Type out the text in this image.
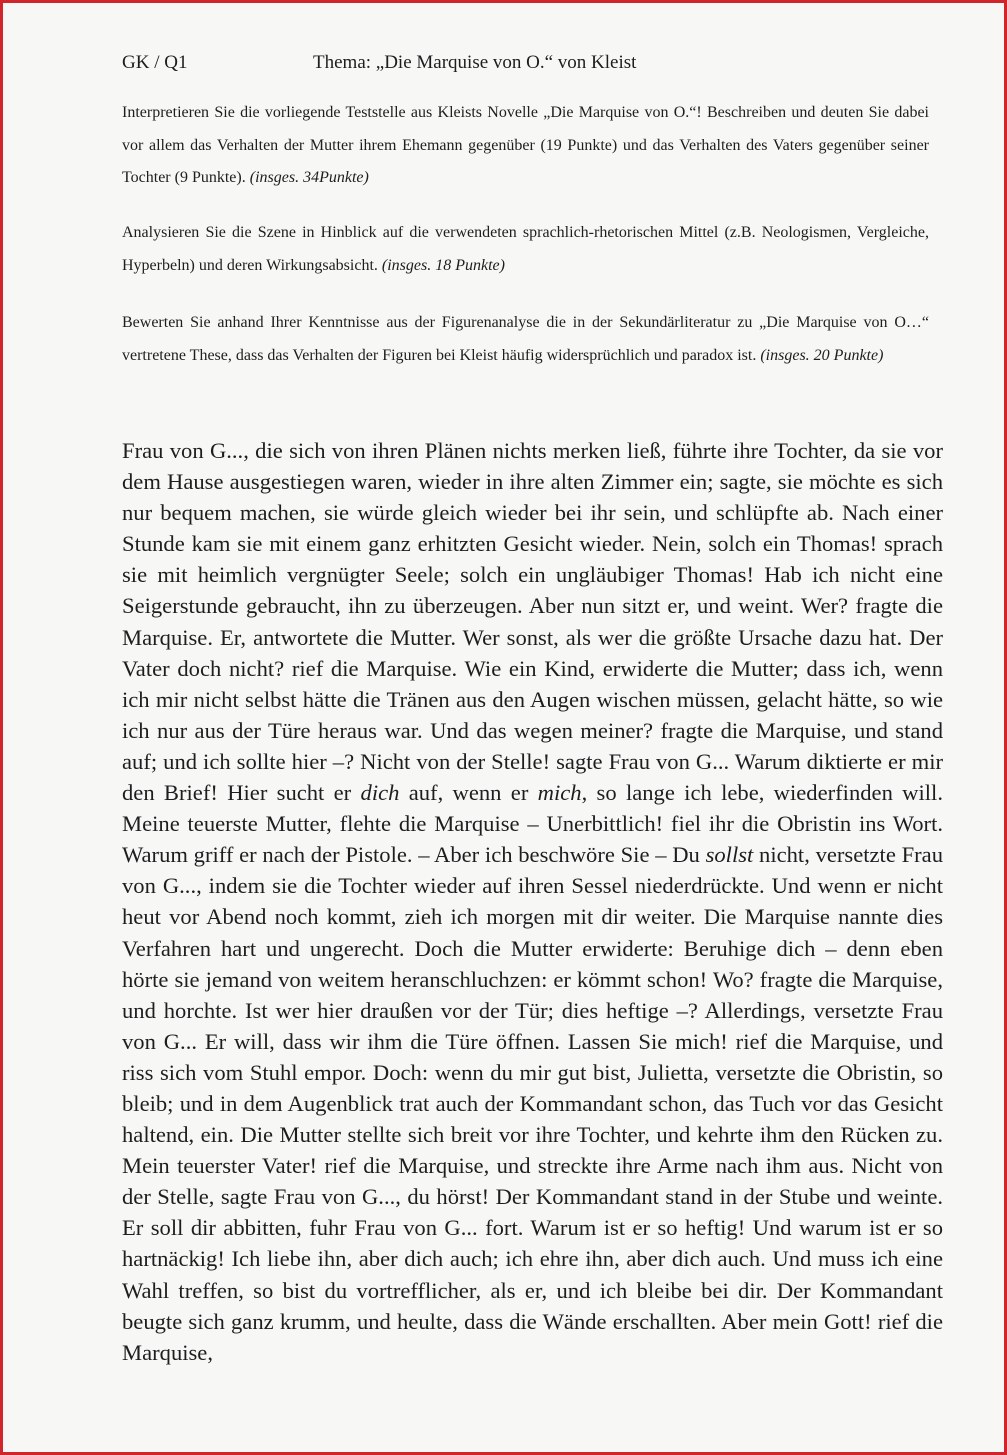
GK / Q1	Thema: „Die Marquise von O.“ von Kleist

Interpretieren Sie die vorliegende Teststelle aus Kleists Novelle „Die Marquise von O.“! Beschreiben und deuten Sie dabei vor allem das Verhalten der Mutter ihrem Ehemann gegenüber (19 Punkte) und das Verhalten des Vaters gegenüber seiner Tochter (9 Punkte). (insges. 34Punkte)

Analysieren Sie die Szene in Hinblick auf die verwendeten sprachlich-rhetorischen Mittel (z.B. Neologismen, Vergleiche, Hyperbeln) und deren Wirkungsabsicht. (insges. 18 Punkte)

Bewerten Sie anhand Ihrer Kenntnisse aus der Figurenanalyse die in der Sekundärliteratur zu „Die Marquise von O…“ vertretene These, dass das Verhalten der Figuren bei Kleist häufig widersprüchlich und paradox ist. (insges. 20 Punkte)

Frau von G..., die sich von ihren Plänen nichts merken ließ, führte ihre Tochter, da sie vor dem Hause ausgestiegen waren, wieder in ihre alten Zimmer ein; sagte, sie möchte es sich nur bequem machen, sie würde gleich wieder bei ihr sein, und schlüpfte ab. Nach einer Stunde kam sie mit einem ganz erhitzten Gesicht wieder. Nein, solch ein Thomas! sprach sie mit heimlich vergnügter Seele; solch ein ungläubiger Thomas! Hab ich nicht eine Seigerstunde gebraucht, ihn zu überzeugen. Aber nun sitzt er, und weint. Wer? fragte die Marquise. Er, antwortete die Mutter. Wer sonst, als wer die größte Ursache dazu hat. Der Vater doch nicht? rief die Marquise. Wie ein Kind, erwiderte die Mutter; dass ich, wenn ich mir nicht selbst hätte die Tränen aus den Augen wischen müssen, gelacht hätte, so wie ich nur aus der Türe heraus war. Und das wegen meiner? fragte die Marquise, und stand auf; und ich sollte hier –? Nicht von der Stelle! sagte Frau von G... Warum diktierte er mir den Brief! Hier sucht er dich auf, wenn er mich, so lange ich lebe, wiederfinden will. Meine teuerste Mutter, flehte die Marquise – Unerbittlich! fiel ihr die Obristin ins Wort. Warum griff er nach der Pistole. – Aber ich beschwöre Sie – Du sollst nicht, versetzte Frau von G..., indem sie die Tochter wieder auf ihren Sessel niederdrückte. Und wenn er nicht heut vor Abend noch kommt, zieh ich morgen mit dir weiter. Die Marquise nannte dies Verfahren hart und ungerecht. Doch die Mutter erwiderte: Beruhige dich – denn eben hörte sie jemand von weitem heranschluchzen: er kömmt schon! Wo? fragte die Marquise, und horchte. Ist wer hier draußen vor der Tür; dies heftige –? Allerdings, versetzte Frau von G... Er will, dass wir ihm die Türe öffnen. Lassen Sie mich! rief die Marquise, und riss sich vom Stuhl empor. Doch: wenn du mir gut bist, Julietta, versetzte die Obristin, so bleib; und in dem Augenblick trat auch der Kommandant schon, das Tuch vor das Gesicht haltend, ein. Die Mutter stellte sich breit vor ihre Tochter, und kehrte ihm den Rücken zu. Mein teuerster Vater! rief die Marquise, und streckte ihre Arme nach ihm aus. Nicht von der Stelle, sagte Frau von G..., du hörst! Der Kommandant stand in der Stube und weinte. Er soll dir abbitten, fuhr Frau von G... fort. Warum ist er so heftig! Und warum ist er so hartnäckig! Ich liebe ihn, aber dich auch; ich ehre ihn, aber dich auch. Und muss ich eine Wahl treffen, so bist du vortrefflicher, als er, und ich bleibe bei dir. Der Kommandant beugte sich ganz krumm, und heulte, dass die Wände erschallten. Aber mein Gott! rief die Marquise,
